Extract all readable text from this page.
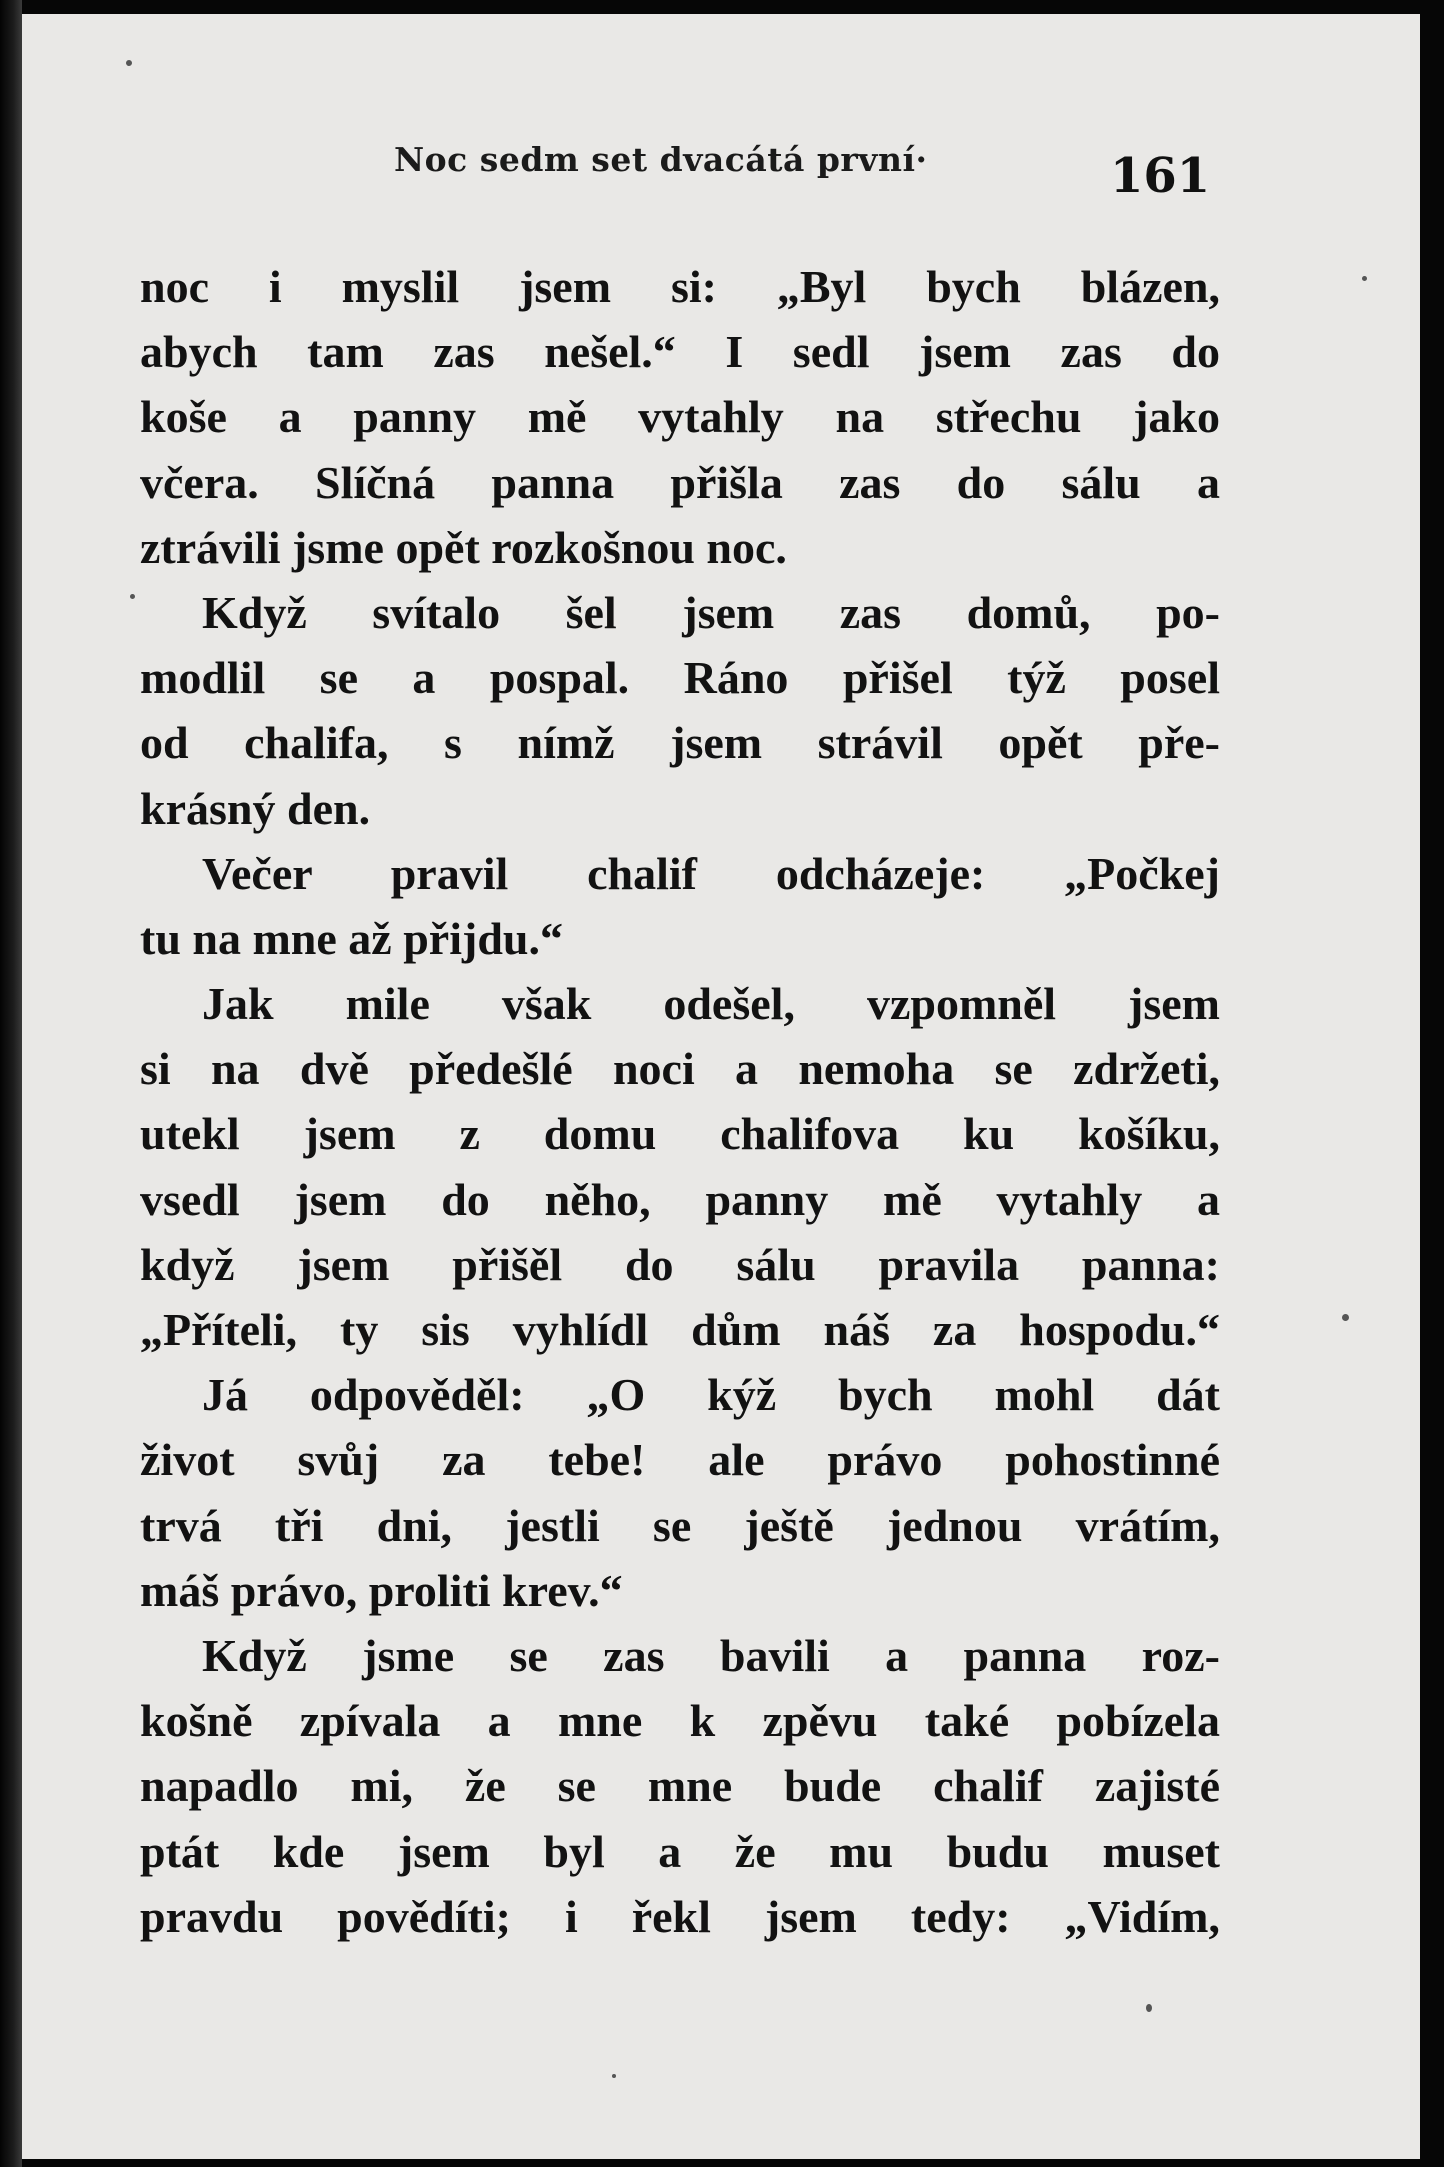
Noc sedm set dvacátá první·	161
noc i myslil jsem si: „Byl bych blázen,
abych tam zas nešel.“ I sedl jsem zas do
koše a panny mě vytahly na střechu jako
včera. Slíčná panna přišla zas do sálu a
ztrávili jsme opět rozkošnou noc.
Když svítalo šel jsem zas domů, po-
modlil se a pospal. Ráno přišel týž posel
od chalifa, s nímž jsem strávil opět pře-
krásný den.
Večer pravil chalif odcházeje: „Počkej
tu na mne až přijdu.“
Jak mile však odešel, vzpomněl jsem
si na dvě předešlé noci a nemoha se zdržeti,
utekl jsem z domu chalifova ku košíku,
vsedl jsem do něho, panny mě vytahly a
když jsem přišěl do sálu pravila panna:
„Příteli, ty sis vyhlídl dům náš za hospodu.“
Já odpověděl: „O kýž bych mohl dát
život svůj za tebe! ale právo pohostinné
trvá tři dni, jestli se ještě jednou vrátím,
máš právo, proliti krev.“
Když jsme se zas bavili a panna roz-
košně zpívala a mne k zpěvu také pobízela
napadlo mi, že se mne bude chalif zajisté
ptát kde jsem byl a že mu budu muset
pravdu povědíti; i řekl jsem tedy: „Vidím,
